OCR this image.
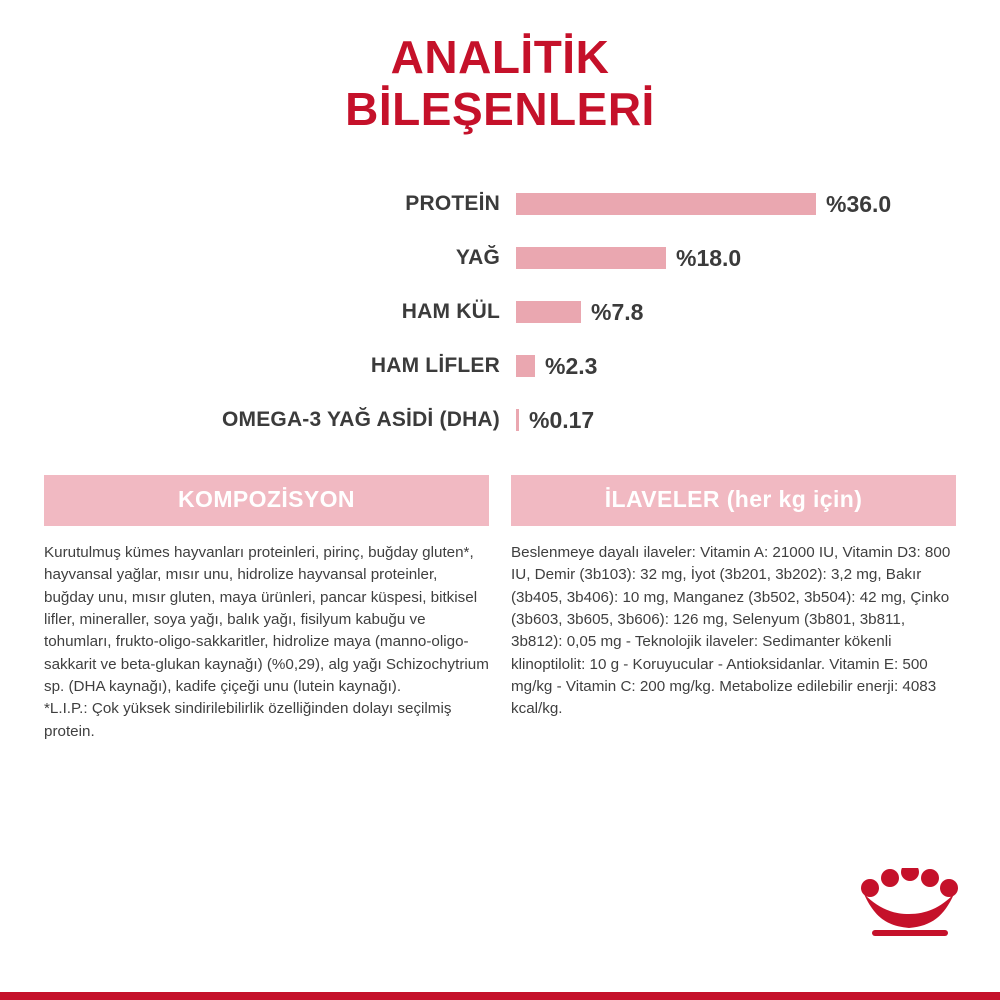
ANALİTİK
BİLEŞENLERİ
PROTEİN	%36.0
YAĞ	%18.0
HAM KÜL	%7.8
HAM LİFLER	%2.3
OMEGA-3 YAĞ ASİDİ (DHA)	%0.17
KOMPOZİSYON

Kurutulmuş kümes hayvanları proteinleri, pirinç, buğday gluten*, hayvansal yağlar, mısır unu, hidrolize hayvansal proteinler, buğday unu, mısır gluten, maya ürünleri, pancar küspesi, bitkisel lifler, mineraller, soya yağı, balık yağı, fisilyum kabuğu ve tohumları, frukto-oligo-sakkaritler, hidrolize maya (manno-oligo-sakkarit ve beta-glukan kaynağı) (%0,29), alg yağı Schizochytrium sp. (DHA kaynağı), kadife çiçeği unu (lutein kaynağı).

*L.I.P.: Çok yüksek sindirilebilirlik özelliğinden dolayı seçilmiş protein.

İLAVELER (her kg için)

Beslenmeye dayalı ilaveler: Vitamin A: 21000 IU, Vitamin D3: 800 IU, Demir (3b103): 32 mg, İyot (3b201, 3b202): 3,2 mg, Bakır (3b405, 3b406): 10 mg, Manganez (3b502, 3b504): 42 mg, Çinko (3b603, 3b605, 3b606): 126 mg, Selenyum (3b801, 3b811, 3b812): 0,05 mg - Teknolojik ilaveler: Sedimanter kökenli klinoptilolit: 10 g - Koruyucular - Antioksidanlar. Vitamin E: 500 mg/kg - Vitamin C: 200 mg/kg. Metabolize edilebilir enerji: 4083 kcal/kg.
